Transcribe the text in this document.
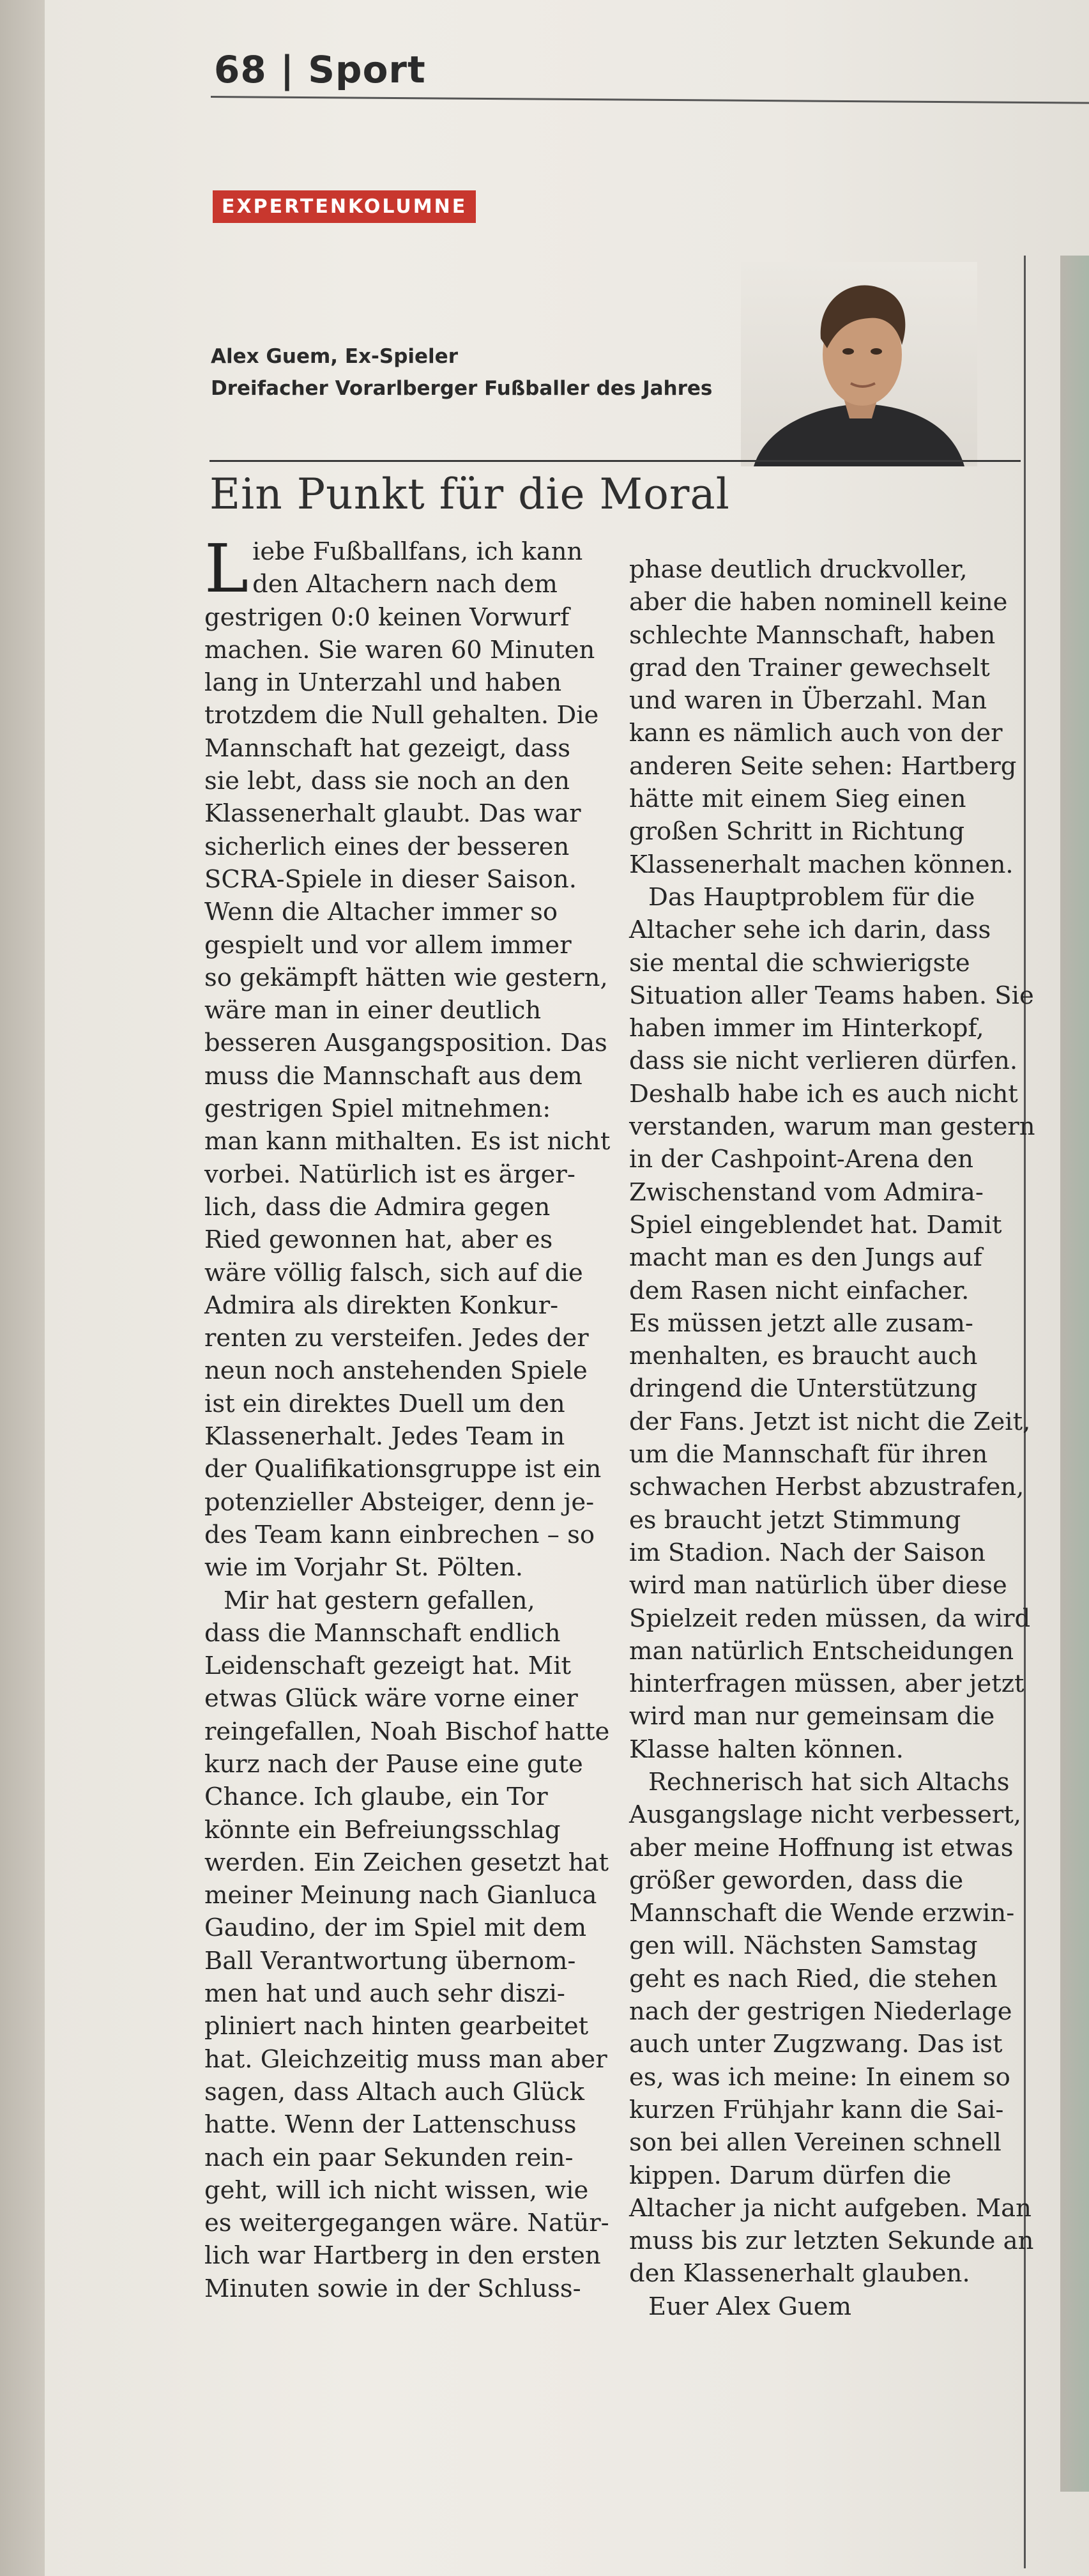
68 | Sport
EXPERTENKOLUMNE
Alex Guem, Ex-Spieler
Dreifacher Vorarlberger Fußballer des Jahres
Ein Punkt für die Moral
L iebe Fußballfans, ich kann
den Altachern nach dem
gestrigen 0:0 keinen Vorwurf
machen. Sie waren 60 Minuten
lang in Unterzahl und haben
trotzdem die Null gehalten. Die
Mannschaft hat gezeigt, dass
sie lebt, dass sie noch an den
Klassenerhalt glaubt. Das war
sicherlich eines der besseren
SCRA-Spiele in dieser Saison.
Wenn die Altacher immer so
gespielt und vor allem immer
so gekämpft hätten wie gestern,
wäre man in einer deutlich
besseren Ausgangsposition. Das
muss die Mannschaft aus dem
gestrigen Spiel mitnehmen:
man kann mithalten. Es ist nicht
vorbei. Natürlich ist es ärger-
lich, dass die Admira gegen
Ried gewonnen hat, aber es
wäre völlig falsch, sich auf die
Admira als direkten Konkur-
renten zu versteifen. Jedes der
neun noch anstehenden Spiele
ist ein direktes Duell um den
Klassenerhalt. Jedes Team in
der Qualifikationsgruppe ist ein
potenzieller Absteiger, denn je-
des Team kann einbrechen – so
wie im Vorjahr St. Pölten.
Mir hat gestern gefallen,
dass die Mannschaft endlich
Leidenschaft gezeigt hat. Mit
etwas Glück wäre vorne einer
reingefallen, Noah Bischof hatte
kurz nach der Pause eine gute
Chance. Ich glaube, ein Tor
könnte ein Befreiungsschlag
werden. Ein Zeichen gesetzt hat
meiner Meinung nach Gianluca
Gaudino, der im Spiel mit dem
Ball Verantwortung übernom-
men hat und auch sehr diszi-
pliniert nach hinten gearbeitet
hat. Gleichzeitig muss man aber
sagen, dass Altach auch Glück
hatte. Wenn der Lattenschuss
nach ein paar Sekunden rein-
geht, will ich nicht wissen, wie
es weitergegangen wäre. Natür-
lich war Hartberg in den ersten
Minuten sowie in der Schluss-
phase deutlich druckvoller,
aber die haben nominell keine
schlechte Mannschaft, haben
grad den Trainer gewechselt
und waren in Überzahl. Man
kann es nämlich auch von der
anderen Seite sehen: Hartberg
hätte mit einem Sieg einen
großen Schritt in Richtung
Klassenerhalt machen können.
Das Hauptproblem für die
Altacher sehe ich darin, dass
sie mental die schwierigste
Situation aller Teams haben. Sie
haben immer im Hinterkopf,
dass sie nicht verlieren dürfen.
Deshalb habe ich es auch nicht
verstanden, warum man gestern
in der Cashpoint-Arena den
Zwischenstand vom Admira-
Spiel eingeblendet hat. Damit
macht man es den Jungs auf
dem Rasen nicht einfacher.
Es müssen jetzt alle zusam-
menhalten, es braucht auch
dringend die Unterstützung
der Fans. Jetzt ist nicht die Zeit,
um die Mannschaft für ihren
schwachen Herbst abzustrafen,
es braucht jetzt Stimmung
im Stadion. Nach der Saison
wird man natürlich über diese
Spielzeit reden müssen, da wird
man natürlich Entscheidungen
hinterfragen müssen, aber jetzt
wird man nur gemeinsam die
Klasse halten können.
Rechnerisch hat sich Altachs
Ausgangslage nicht verbessert,
aber meine Hoffnung ist etwas
größer geworden, dass die
Mannschaft die Wende erzwin-
gen will. Nächsten Samstag
geht es nach Ried, die stehen
nach der gestrigen Niederlage
auch unter Zugzwang. Das ist
es, was ich meine: In einem so
kurzen Frühjahr kann die Sai-
son bei allen Vereinen schnell
kippen. Darum dürfen die
Altacher ja nicht aufgeben. Man
muss bis zur letzten Sekunde an
den Klassenerhalt glauben.
Euer Alex Guem
